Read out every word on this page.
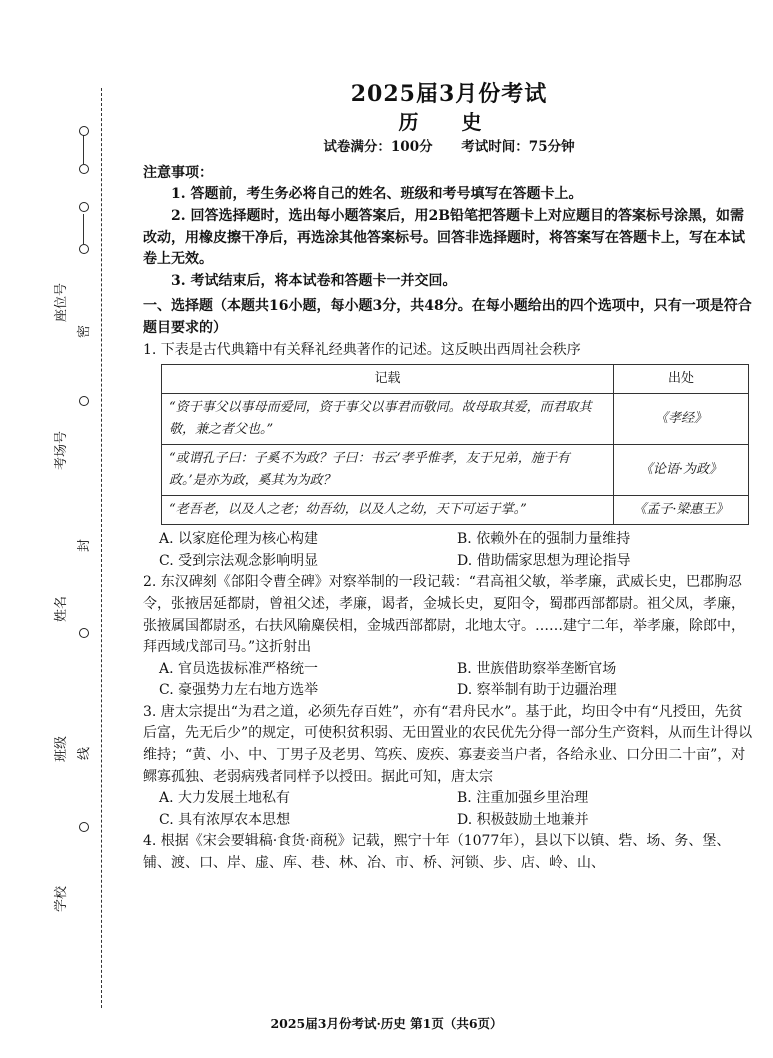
座位号
考场号
姓名
班级
学校
密
封
线
2025届3月份考试
历 史
试卷满分：100分 考试时间：75分钟

注意事项：

1. 答题前，考生务必将自己的姓名、班级和考号填写在答题卡上。

2. 回答选择题时，选出每小题答案后，用2B铅笔把答题卡上对应题目的答案标号涂黑，如需改动，用橡皮擦干净后，再选涂其他答案标号。回答非选择题时，将答案写在答题卡上，写在本试卷上无效。

3. 考试结束后，将本试卷和答题卡一并交回。

一、选择题（本题共16小题，每小题3分，共48分。在每小题给出的四个选项中，只有一项是符合题目要求的）
1. 下表是古代典籍中有关释礼经典著作的记述。这反映出西周社会秩序
记载	出处
“资于事父以事母而爱同，资于事父以事君而敬同。故母取其爱，而君取其敬，兼之者父也。”	《孝经》
“或谓孔子曰：子奚不为政？子曰：书云‘孝乎惟孝，友于兄弟，施于有政。’是亦为政，奚其为为政？	《论语·为政》
“老吾老，以及人之老；幼吾幼，以及人之幼，天下可运于掌。”	《孟子·梁惠王》
A. 以家庭伦理为核心构建	B. 依赖外在的强制力量维持
C. 受到宗法观念影响明显	D. 借助儒家思想为理论指导
2. 东汉碑刻《郃阳令曹全碑》对察举制的一段记载：“君高祖父敏，举孝廉，武威长史，巴郡朐忍令，张掖居延都尉，曾祖父述，孝廉，谒者，金城长史，夏阳令，蜀郡西部都尉。祖父凤，孝廉，张掖属国都尉丞，右扶风隃麋侯相，金城西部都尉，北地太守。……建宁二年，举孝廉，除郎中，拜西域戊部司马。”这折射出
A. 官员选拔标准严格统一	B. 世族借助察举垄断官场
C. 豪强势力左右地方选举	D. 察举制有助于边疆治理
3. 唐太宗提出“为君之道，必须先存百姓”，亦有“君舟民水”。基于此，均田令中有“凡授田，先贫后富，先无后少”的规定，可使积贫积弱、无田置业的农民优先分得一部分生产资料，从而生计得以维持；“黄、小、中、丁男子及老男、笃疾、废疾、寡妻妾当户者，各给永业、口分田二十亩”，对鳏寡孤独、老弱病残者同样予以授田。据此可知，唐太宗
A. 大力发展土地私有	B. 注重加强乡里治理
C. 具有浓厚农本思想	D. 积极鼓励土地兼并
4. 根据《宋会要辑稿·食货·商税》记载，熙宁十年（1077年），县以下以镇、砦、场、务、堡、铺、渡、口、岸、虚、库、巷、林、冶、市、桥、河锁、步、店、岭、山、
2025届3月份考试·历史 第1页（共6页）
